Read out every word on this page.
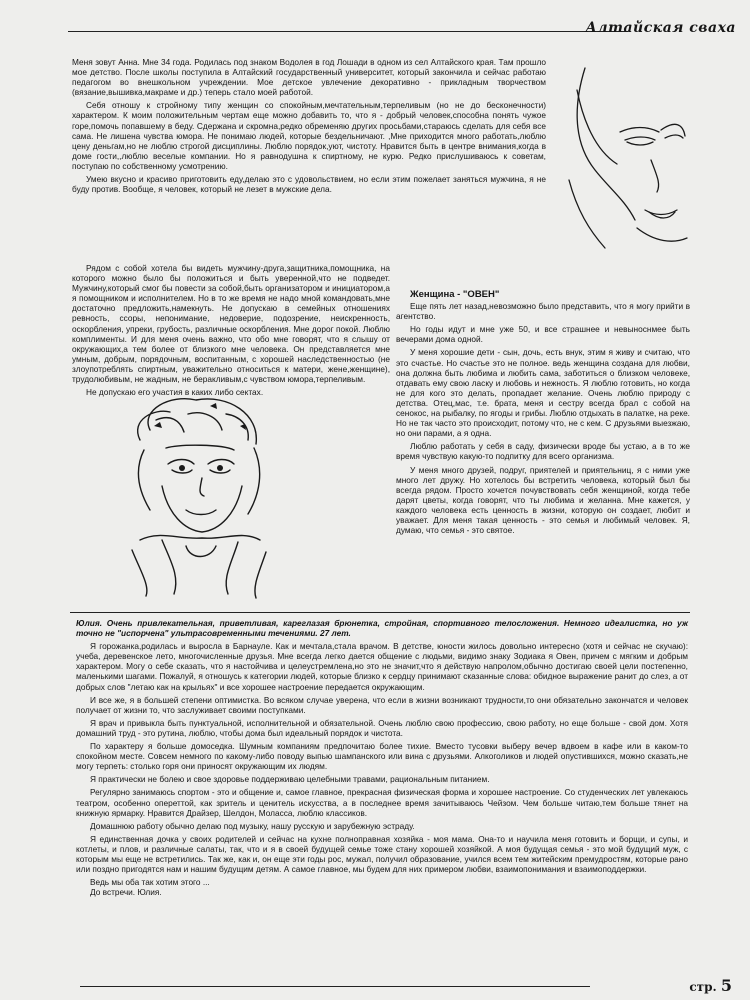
Алтайская сваха

Меня зовут Анна. Мне 34 года. Родилась под знаком Водолея в год Лошади в одном из сел Алтайского края. Там прошло мое детство. После школы поступила в Алтайский государственный университет, который закончила и сейчас работаю педагогом во внешкольном учреждении. Мое детское увлечение декоративно - прикладным творчеством (вязание,вышивка,макраме и др.) теперь стало моей работой.

Себя отношу к стройному типу женщин со спокойным,мечтательным,терпеливым (но не до бесконечности) характером. К моим положительным чертам еще можно добавить то, что я - добрый человек,способна понять чужое горе,помочь попавшему в беду. Сдержана и скромна,редко обременяю других просьбами,стараюсь сделать для себя все сама. Не лишена чувства юмора. Не понимаю людей, которые бездельничают. ,Мне приходится много работать,люблю цену деньгам,но не люблю строгой дисциплины. Люблю порядок,уют, чистоту. Нравится быть в центре внимания,когда в доме гости,,люблю веселые компании. Но я равнодушна к спиртному, не курю. Редко прислушиваюсь к советам, поступаю по собственному усмотрению.

Умею вкусно и красиво приготовить еду,делаю это с удовольствием, но если этим пожелает заняться мужчина, я не буду против. Вообще, я человек, который не лезет в мужские дела.

Рядом с собой хотела бы видеть мужчину-друга,защитника,помощника, на которого можно было бы положиться и быть уверенной,что не подведет. Мужчину,который смог бы повести за собой,быть организатором и инициатором,а я помощником и исполнителем. Но в то же время не надо мной командовать,мне достаточно предложить,намекнуть. Не допускаю в семейных отношениях ревность, ссоры, непонимание, недоверие, подозрение, неискренность, оскорбления, упреки, грубость, различные оскорбления. Мне дорог покой. Люблю комплименты. И для меня очень важно, что обо мне говорят, что я слышу от окружающих,а тем более от близкого мне человека. Он представляется мне умным, добрым, порядочным, воспитанным, с хорошей наследственностью (не злоупотреблять спиртным, уважительно относиться к матери, жене,женщине), трудолюбивым, не жадным, не беракливым,с чувством юмора,терпеливым.

Не допускаю его участия в каких либо сектах.

Женщина - "ОВЕН"

Еще пять лет назад,невозможно было представить, что я могу прийти в агентство.

Но годы идут и мне уже 50, и все страшнее и невыноснмее быть вечерами дома одной.

У меня хорошие дети - сын, дочь, есть внук, этим я живу и считаю, что это счастье. Но счастье это не полное. ведь женщина создана для любви, она должна быть любима и любить сама, заботиться о близком человеке, отдавать ему свою ласку и любовь и нежность. Я люблю готовить, но когда не для кого это делать, пропадает желание. Очень люблю природу с детства. Отец,мас, т.е. брата, меня и сестру всегда брал с собой на сенокос, на рыбалку, по ягоды и грибы. Люблю отдыхать в палатке, на реке. Но не так часто это происходит, потому что, не с кем. С друзьями выезжаю, но они парами, а я одна.

Люблю работать у себя в саду, физически вроде бы устаю, а в то же время чувствую какую-то подпитку для всего организма.

У меня много друзей, подруг, приятелей и приятельниц, я с ними уже много лет дружу. Но хотелось бы встретить человека, который был бы всегда рядом. Просто хочется почувствовать себя женщиной, когда тебе дарят цветы, когда говорят, что ты любима и желанна. Мне кажется, у каждого человека есть ценность в жизни, которую он создает, любит и уважает. Для меня такая ценность - это семья и любимый человек. Я, думаю, что семья - это святое.

Юлия. Очень привлекательная, приветливая, кареглазая брюнетка, стройная, спортивного телосложения. Немного идеалистка, но уж точно не "испорчена" ультрасовременными течениями. 27 лет.

Я горожанка,родилась и выросла в Барнауле. Как и мечтала,стала врачом. В детстве, юности жилось довольно интересно (хотя и сейчас не скучаю): учеба, деревенское лето, многочисленные друзья. Мне всегда легко дается общение с людьми, видимо знаку Зодиака я Овен, причем с мягким и добрым характером. Могу о себе сказать, что я настойчива и целеустремлена,но это не значит,что я действую напролом,обычно достигаю своей цели постепенно, маленькими шагами. Пожалуй, я отношусь к категории людей, которые близко к сердцу принимают сказанные слова: обидное выражение ранит до слез, а от добрых слов "летаю как на крыльях" и все хорошее настроение передается окружающим.

И все же, я в большей степени оптимистка. Во всяком случае уверена, что если в жизни возникают трудности,то они обязательно закончатся и человек получает от жизни то, что заслуживает своими поступками.

Я врач и привыкла быть пунктуальной, исполнительной и обязательной. Очень люблю свою профессию, свою работу, но еще больше - свой дом. Хотя домашний труд - это рутина, люблю, чтобы дома был идеальный порядок и чистота.

По характеру я больше домоседка. Шумным компаниям предпочитаю более тихие. Вместо тусовки выберу вечер вдвоем в кафе или в каком-то спокойном месте. Совсем немного по какому-либо поводу выпью шампанского или вина с друзьями. Алкоголиков и людей опустившихся, можно сказать,не могу терпеть: столько горя они приносят окружающим их людям.

Я практически не болею и свое здоровье поддерживаю целебными травами, рациональным питанием.

Регулярно занимаюсь спортом - это и общение и, самое главное, прекрасная физическая форма и хорошее настроение. Со студенческих лет увлекаюсь театром, особенно опереттой, как зритель и ценитель искусства, а в последнее время зачитываюсь Чейзом. Чем больше читаю,тем больше тянет на книжную ярмарку. Нравится Драйзер, Шелдон, Моласса, люблю классиков.

Домашнюю работу обычно делаю под музыку, нашу русскую и зарубежную эстраду.

Я единственная дочка у своих родителей и сейчас на кухне полноправная хозяйка - моя мама. Она-то и научила меня готовить и борщи, и супы, и котлеты, и плов, и различные салаты, так, что и я в своей будущей семье тоже стану хорошей хозяйкой. А моя будущая семья - это мой будущий муж, с которым мы еще не встретились. Так же, как и, он еще эти годы рос, мужал, получил образование, учился всем тем житейским премудростям, которые рано или поздно пригодятся нам и нашим будущим детям. А самое главное, мы будем для них примером любви, взаимопонимания и взаимоподдержки.

Ведь мы оба так хотим этого ...

До встречи. Юлия.

стр. 5
